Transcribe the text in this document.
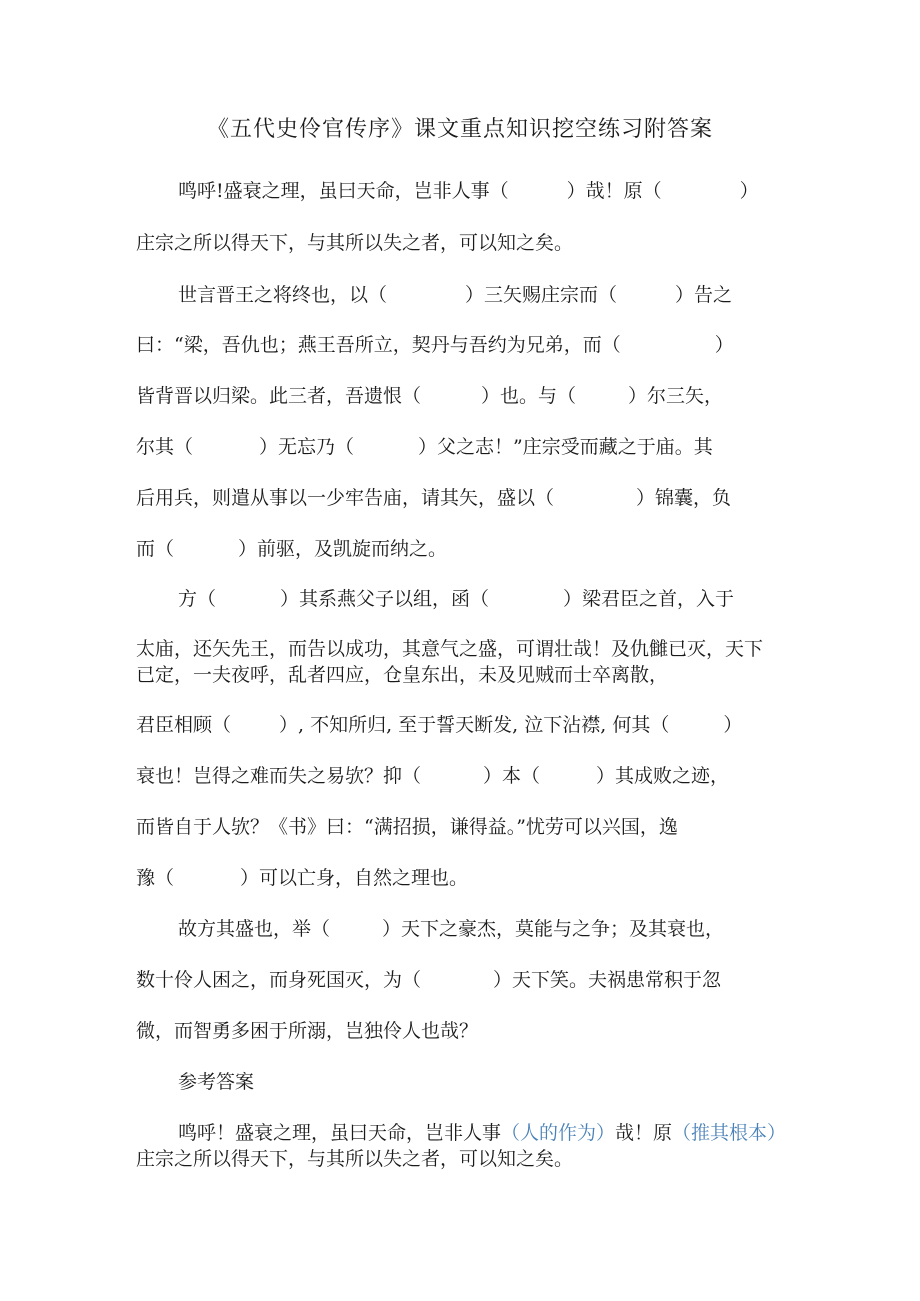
《五代史伶官传序》课文重点知识挖空练习附答案
鸣呼!盛衰之理，虽曰天命，岂非人事（	）哉！原（	）
庄宗之所以得天下，与其所以失之者，可以知之矣。
世言晋王之将终也，以（	）三矢赐庄宗而（	）告之
曰：“梁，吾仇也；燕王吾所立，契丹与吾约为兄弟，而（	）
皆背晋以归梁。此三者，吾遗恨（	）也。与（	）尔三矢，
尔其（	）无忘乃（	）父之志！”庄宗受而藏之于庙。其
后用兵，则遣从事以一少牢告庙，请其矢，盛以（	）锦囊，负
而（	）前驱，及凯旋而纳之。
方（	）其系燕父子以组，函（	）梁君臣之首，入于
太庙，还矢先王，而告以成功，其意气之盛，可谓壮哉！及仇雠已灭，天下
已定，一夫夜呼，乱者四应，仓皇东出，未及见贼而士卒离散，
君臣相顾（	）, 不知所归, 至于誓天断发, 泣下沾襟, 何其（	）
衰也！岂得之难而失之易欤？抑（	）本（	）其成败之迹，
而皆自于人欤？《书》曰：“满招损，谦得益。”忧劳可以兴国，逸
豫（	）可以亡身，自然之理也。
故方其盛也，举（	）天下之豪杰，莫能与之争；及其衰也，
数十伶人困之，而身死国灭，为（	）天下笑。夫祸患常积于忽
微，而智勇多困于所溺，岂独伶人也哉？
参考答案
鸣呼！盛衰之理，虽曰天命，岂非人事（人的作为）哉！原（推其根本）
庄宗之所以得天下，与其所以失之者，可以知之矣。
